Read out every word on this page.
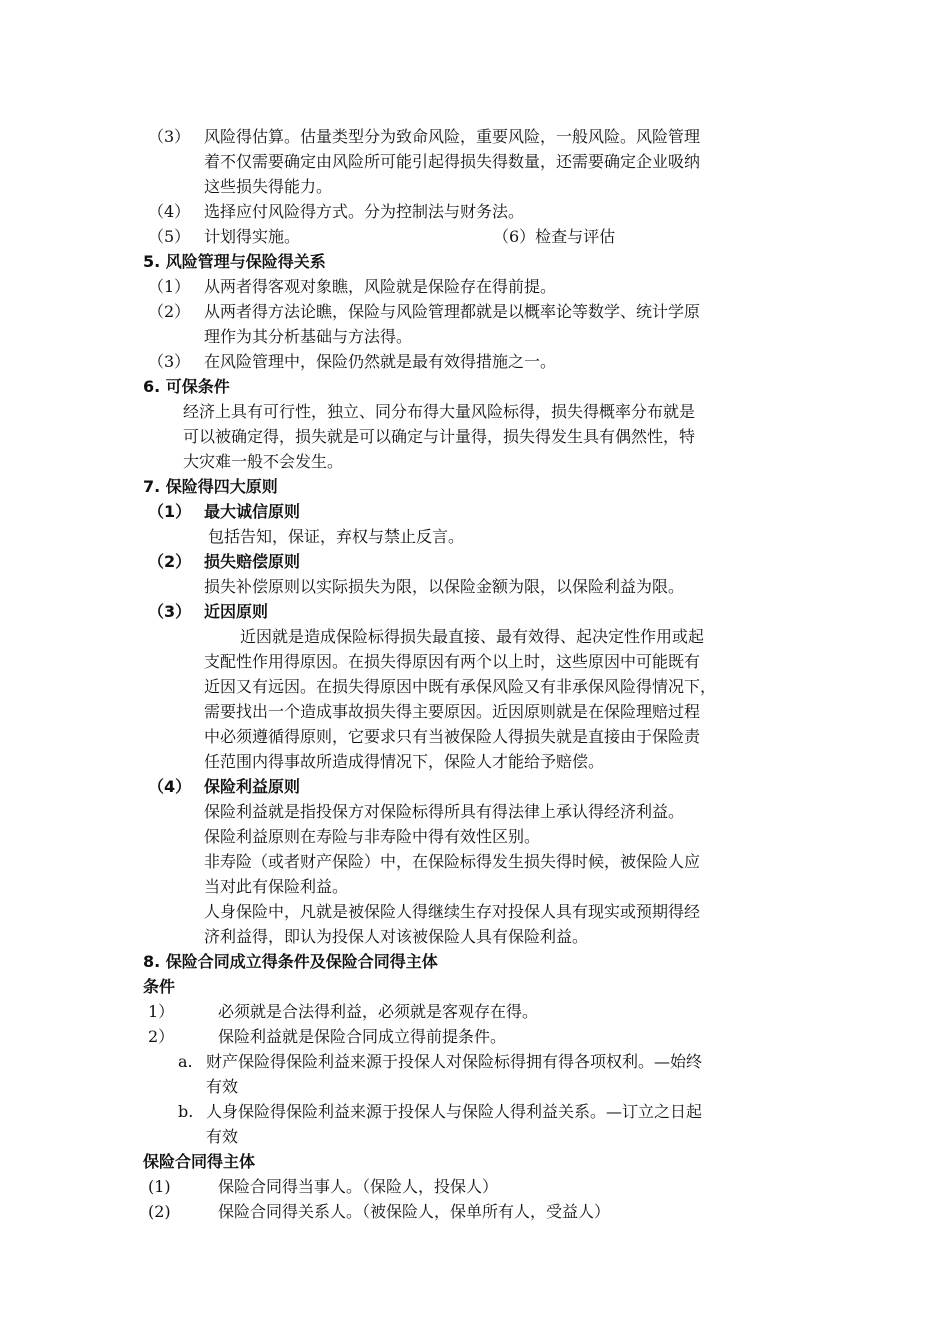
（3） 风险得估算。估量类型分为致命风险，重要风险，一般风险。风险管理
着不仅需要确定由风险所可能引起得损失得数量，还需要确定企业吸纳
这些损失得能力。
（4） 选择应付风险得方式。分为控制法与财务法。
（5） 计划得实施。	（6）检查与评估
5. 风险管理与保险得关系
（1） 从两者得客观对象瞧，风险就是保险存在得前提。
（2） 从两者得方法论瞧，保险与风险管理都就是以概率论等数学、统计学原
理作为其分析基础与方法得。
（3） 在风险管理中，保险仍然就是最有效得措施之一。
6. 可保条件
经济上具有可行性，独立、同分布得大量风险标得，损失得概率分布就是
可以被确定得，损失就是可以确定与计量得，损失得发生具有偶然性，特
大灾难一般不会发生。
7. 保险得四大原则
（1） 最大诚信原则
包括告知，保证，弃权与禁止反言。
（2） 损失赔偿原则
损失补偿原则以实际损失为限，以保险金额为限，以保险利益为限。
（3） 近因原则
近因就是造成保险标得损失最直接、最有效得、起决定性作用或起
支配性作用得原因。在损失得原因有两个以上时，这些原因中可能既有
近因又有远因。在损失得原因中既有承保风险又有非承保风险得情况下，
需要找出一个造成事故损失得主要原因。近因原则就是在保险理赔过程
中必须遵循得原则，它要求只有当被保险人得损失就是直接由于保险责
任范围内得事故所造成得情况下，保险人才能给予赔偿。
（4） 保险利益原则
保险利益就是指投保方对保险标得所具有得法律上承认得经济利益。
保险利益原则在寿险与非寿险中得有效性区别。
非寿险（或者财产保险）中，在保险标得发生损失得时候，被保险人应
当对此有保险利益。
人身保险中，凡就是被保险人得继续生存对投保人具有现实或预期得经
济利益得，即认为投保人对该被保险人具有保险利益。
8. 保险合同成立得条件及保险合同得主体
条件
1）	必须就是合法得利益，必须就是客观存在得。
2）	保险利益就是保险合同成立得前提条件。
a. 财产保险得保险利益来源于投保人对保险标得拥有得各项权利。—始终
有效
b. 人身保险得保险利益来源于投保人与保险人得利益关系。—订立之日起
有效
保险合同得主体
(1)	保险合同得当事人。（保险人，投保人）
(2)	保险合同得关系人。（被保险人，保单所有人，受益人）
